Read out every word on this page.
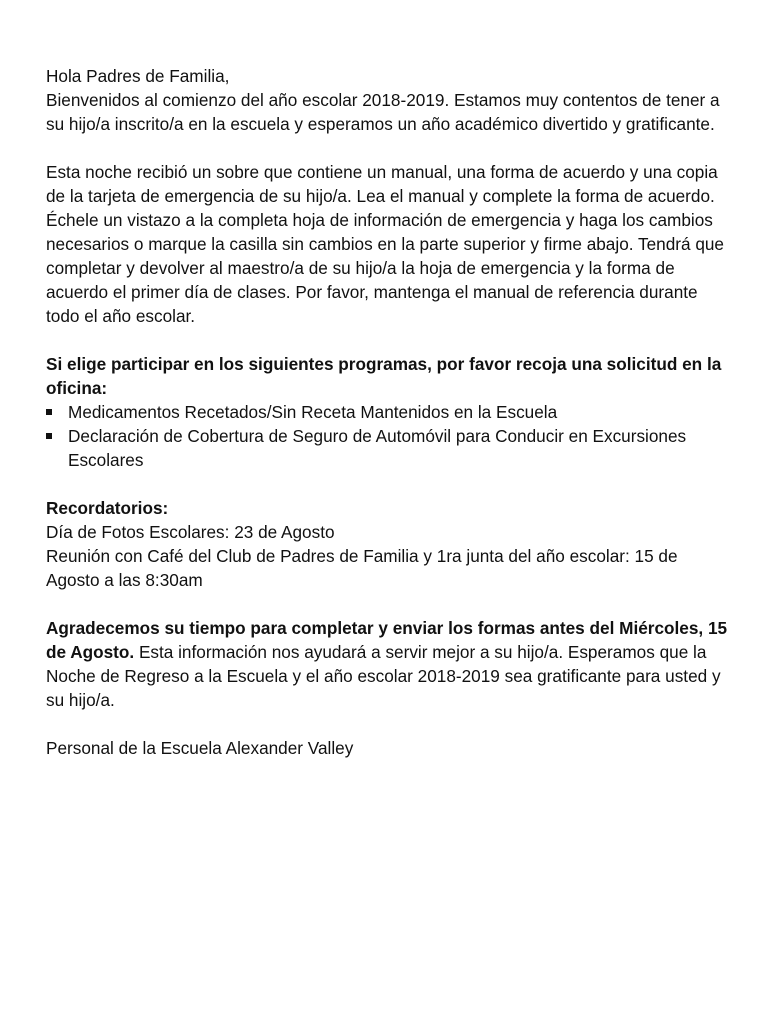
Hola Padres de Familia,

Bienvenidos al comienzo del año escolar 2018-2019. Estamos muy contentos de tener a su hijo/a inscrito/a en la escuela y esperamos un año académico divertido y gratificante.

Esta noche recibió un sobre que contiene un manual, una forma de acuerdo y una copia de la tarjeta de emergencia de su hijo/a. Lea el manual y complete la forma de acuerdo. Échele un vistazo a la completa hoja de información de emergencia y haga los cambios necesarios o marque la casilla sin cambios en la parte superior y firme abajo. Tendrá que completar y devolver al maestro/a de su hijo/a la hoja de emergencia y la forma de acuerdo el primer día de clases. Por favor, mantenga el manual de referencia durante todo el año escolar.

Si elige participar en los siguientes programas, por favor recoja una solicitud en la oficina:

Medicamentos Recetados/Sin Receta Mantenidos en la Escuela
Declaración de Cobertura de Seguro de Automóvil para Conducir en Excursiones Escolares

Recordatorios:

Día de Fotos Escolares: 23 de Agosto

Reunión con Café del Club de Padres de Familia y 1ra junta del año escolar: 15 de Agosto a las 8:30am

Agradecemos su tiempo para completar y enviar los formas antes del Miércoles, 15 de Agosto. Esta información nos ayudará a servir mejor a su hijo/a. Esperamos que la Noche de Regreso a la Escuela y el año escolar 2018-2019 sea gratificante para usted y su hijo/a.

Personal de la Escuela Alexander Valley
